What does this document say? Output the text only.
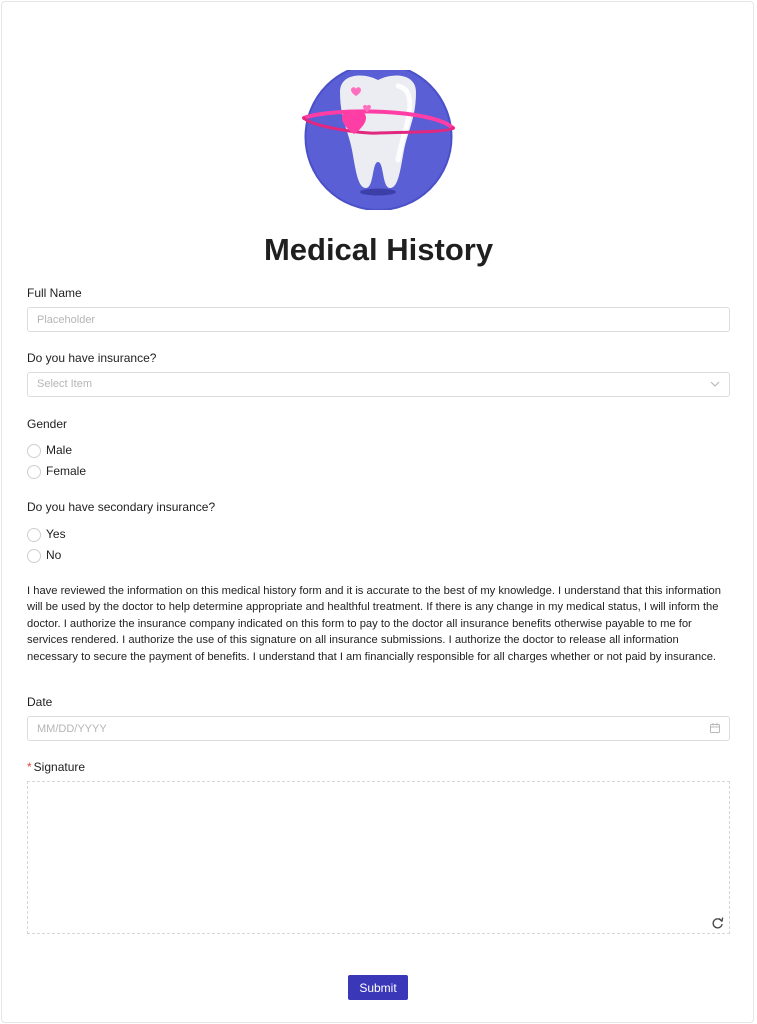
Medical History
Full Name
Placeholder
Do you have insurance?
Select Item
Gender
Male
Female
Do you have secondary insurance?
Yes
No
I have reviewed the information on this medical history form and it is accurate to the best of my knowledge. I understand that this information will be used by the doctor to help determine appropriate and healthful treatment. If there is any change in my medical status, I will inform the doctor. I authorize the insurance company indicated on this form to pay to the doctor all insurance benefits otherwise payable to me for services rendered. I authorize the use of this signature on all insurance submissions. I authorize the doctor to release all information necessary to secure the payment of benefits. I understand that I am financially responsible for all charges whether or not paid by insurance.
Date
MM/DD/YYYY
* Signature
Submit
